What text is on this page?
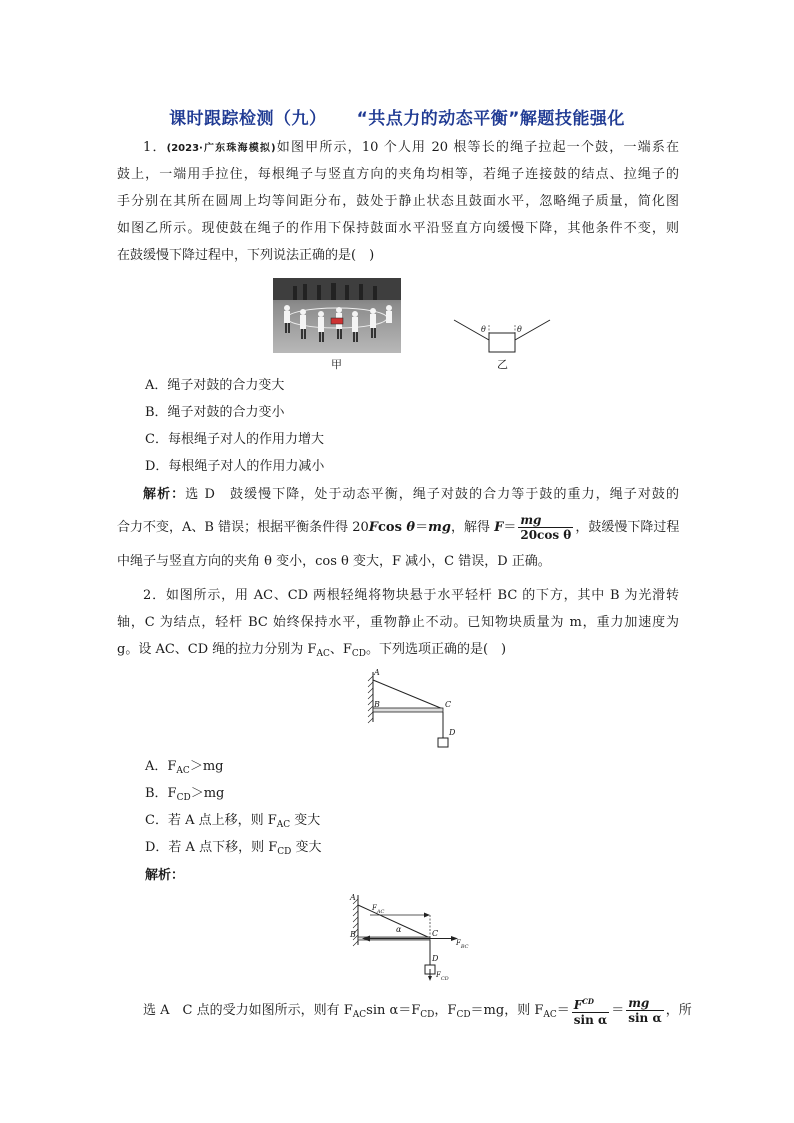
课时跟踪检测（九） “共点力的动态平衡”解题技能强化
1．(2023·广东珠海模拟)如图甲所示，10 个人用 20 根等长的绳子拉起一个鼓，一端系在
鼓上，一端用手拉住，每根绳子与竖直方向的夹角均相等，若绳子连接鼓的结点、拉绳子的
手分别在其所在圆周上均等间距分布，鼓处于静止状态且鼓面水平，忽略绳子质量，简化图
如图乙所示。现使鼓在绳子的作用下保持鼓面水平沿竖直方向缓慢下降，其他条件不变，则
在鼓缓慢下降过程中，下列说法正确的是(　)
甲
θ	θ
乙
A．绳子对鼓的合力变大
B．绳子对鼓的合力变小
C．每根绳子对人的作用力增大
D．每根绳子对人的作用力减小
解析：选 D　鼓缓慢下降，处于动态平衡，绳子对鼓的合力等于鼓的重力，绳子对鼓的
合力不变，A、B 错误；根据平衡条件得 20Fcos θ＝mg，解得 $F= \frac{mg}{\text{20cos θ}}$ ，鼓缓慢下降过程
中绳子与竖直方向的夹角 θ 变小，cos θ 变大，F 减小，C 错误，D 正确。
2．如图所示，用 AC、CD 两根轻绳将物块悬于水平轻杆 BC 的下方，其中 B 为光滑转
轴，C 为结点，轻杆 BC 始终保持水平，重物静止不动。已知物块质量为 m，重力加速度为
g。设 AC、CD 绳的拉力分别为 $F_{AC}$、$F_{CD}$。下列选项正确的是(　)
A
B	C
D
A．$F_{AC}>mg$
B．$F_{CD}>mg$
C．若 A 点上移，则 $F_{AC}$ 变大
D．若 A 点下移，则 $F_{CD}$ 变大
解析：
A
B	C
D
$F_{AC}$
α
$F_{BC}$
$F_{CD}$
选 A　C 点的受力如图所示，则有 $F_{AC}\sin$ $\alpha=F_{CD}$，$F_{CD}=mg$，则 $F_{AC}= \frac{F^{CD}}{\text{sin α}} = \frac{mg}{\text{sin α}}$ ，所
